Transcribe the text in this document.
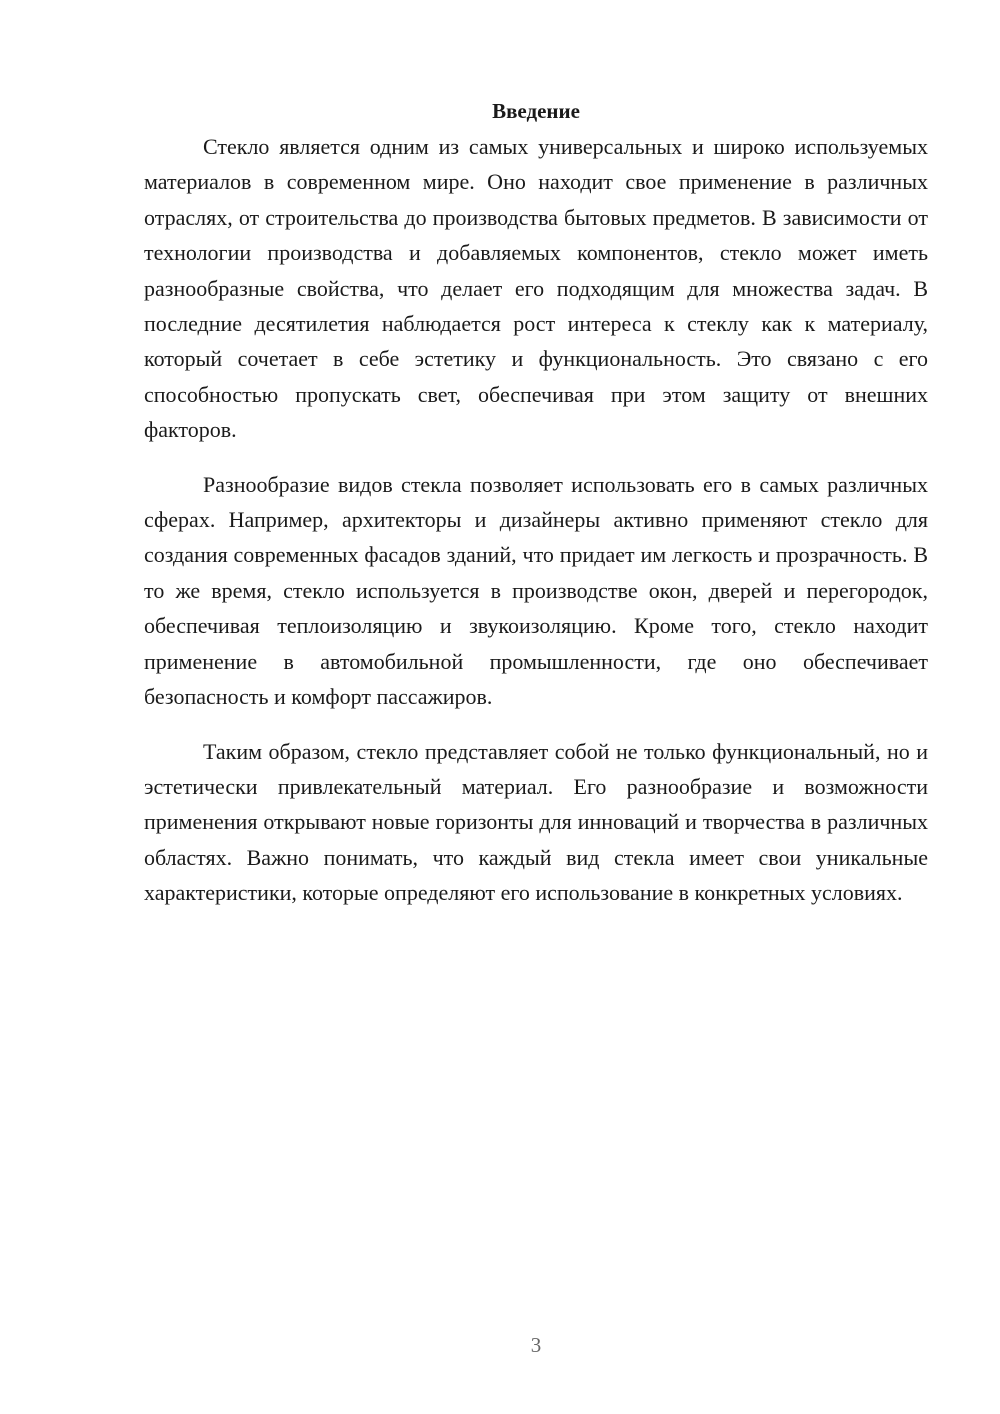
Введение

Стекло является одним из самых универсальных и широко используемых материалов в современном мире. Оно находит свое применение в различных отраслях, от строительства до производства бытовых предметов. В зависимости от технологии производства и добавляемых компонентов, стекло может иметь разнообразные свойства, что делает его подходящим для множества задач. В последние десятилетия наблюдается рост интереса к стеклу как к материалу, который сочетает в себе эстетику и функциональность. Это связано с его способностью пропускать свет, обеспечивая при этом защиту от внешних факторов.

Разнообразие видов стекла позволяет использовать его в самых различных сферах. Например, архитекторы и дизайнеры активно применяют стекло для создания современных фасадов зданий, что придает им легкость и прозрачность. В то же время, стекло используется в производстве окон, дверей и перегородок, обеспечивая теплоизоляцию и звукоизоляцию. Кроме того, стекло находит применение в автомобильной промышленности, где оно обеспечивает безопасность и комфорт пассажиров.

Таким образом, стекло представляет собой не только функциональный, но и эстетически привлекательный материал. Его разнообразие и возможности применения открывают новые горизонты для инноваций и творчества в различных областях. Важно понимать, что каждый вид стекла имеет свои уникальные характеристики, которые определяют его использование в конкретных условиях.

3
